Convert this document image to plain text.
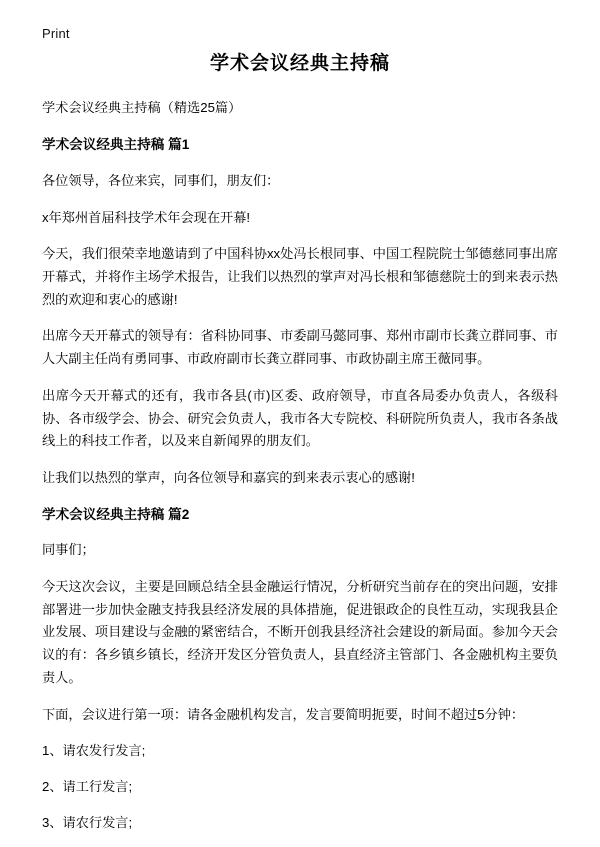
Print
学术会议经典主持稿

学术会议经典主持稿（精选25篇）

学术会议经典主持稿 篇1

各位领导，各位来宾，同事们，朋友们：

x年郑州首届科技学术年会现在开幕!

今天，我们很荣幸地邀请到了中国科协xx处冯长根同事、中国工程院院士邹德慈同事出席开幕式，并将作主场学术报告，让我们以热烈的掌声对冯长根和邹德慈院士的到来表示热烈的欢迎和衷心的感谢!

出席今天开幕式的领导有：省科协同事、市委副马懿同事、郑州市副市长龚立群同事、市人大副主任尚有勇同事、市政府副市长龚立群同事、市政协副主席王薇同事。

出席今天开幕式的还有，我市各县(市)区委、政府领导，市直各局委办负责人，各级科协、各市级学会、协会、研究会负责人，我市各大专院校、科研院所负责人，我市各条战线上的科技工作者，以及来自新闻界的朋友们。

让我们以热烈的掌声，向各位领导和嘉宾的到来表示衷心的感谢!

学术会议经典主持稿 篇2

同事们；

今天这次会议，主要是回顾总结全县金融运行情况，分析研究当前存在的突出问题，安排部署进一步加快金融支持我县经济发展的具体措施，促进银政企的良性互动，实现我县企业发展、项目建设与金融的紧密结合，不断开创我县经济社会建设的新局面。参加今天会议的有：各乡镇乡镇长，经济开发区分管负责人，县直经济主管部门、各金融机构主要负责人。

下面，会议进行第一项：请各金融机构发言，发言要简明扼要，时间不超过5分钟：

1、请农发行发言;

2、请工行发言;

3、请农行发言;
